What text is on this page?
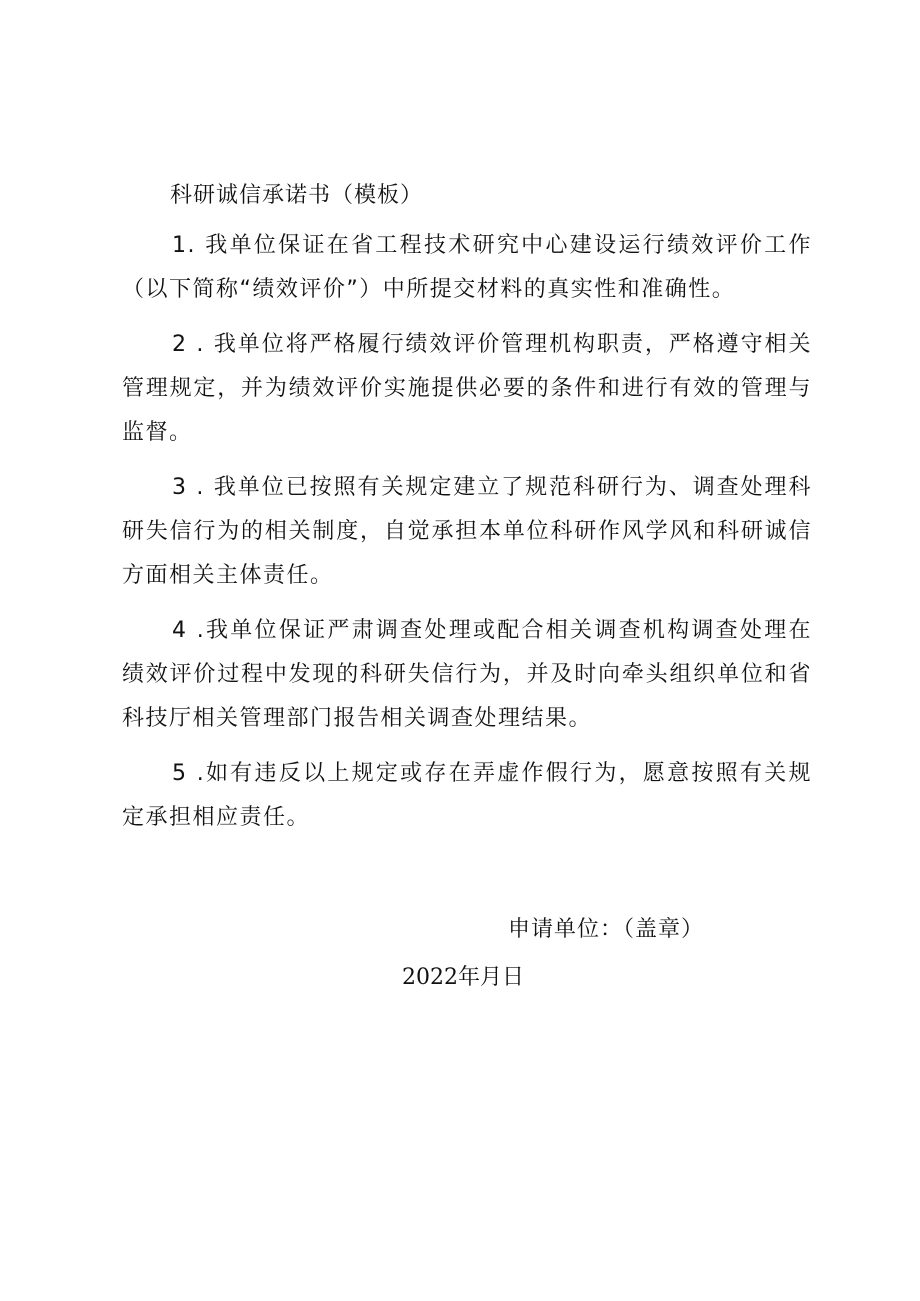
科研诚信承诺书（模板）

1. 我单位保证在省工程技术研究中心建设运行绩效评价工作（以下简称“绩效评价”）中所提交材料的真实性和准确性。

2 . 我单位将严格履行绩效评价管理机构职责，严格遵守相关管理规定，并为绩效评价实施提供必要的条件和进行有效的管理与监督。

3 . 我单位已按照有关规定建立了规范科研行为、调查处理科研失信行为的相关制度，自觉承担本单位科研作风学风和科研诚信方面相关主体责任。

4 .我单位保证严肃调查处理或配合相关调查机构调查处理在绩效评价过程中发现的科研失信行为，并及时向牵头组织单位和省科技厅相关管理部门报告相关调查处理结果。

5 .如有违反以上规定或存在弄虚作假行为，愿意按照有关规定承担相应责任。

申请单位：（盖章）
2022年月日
